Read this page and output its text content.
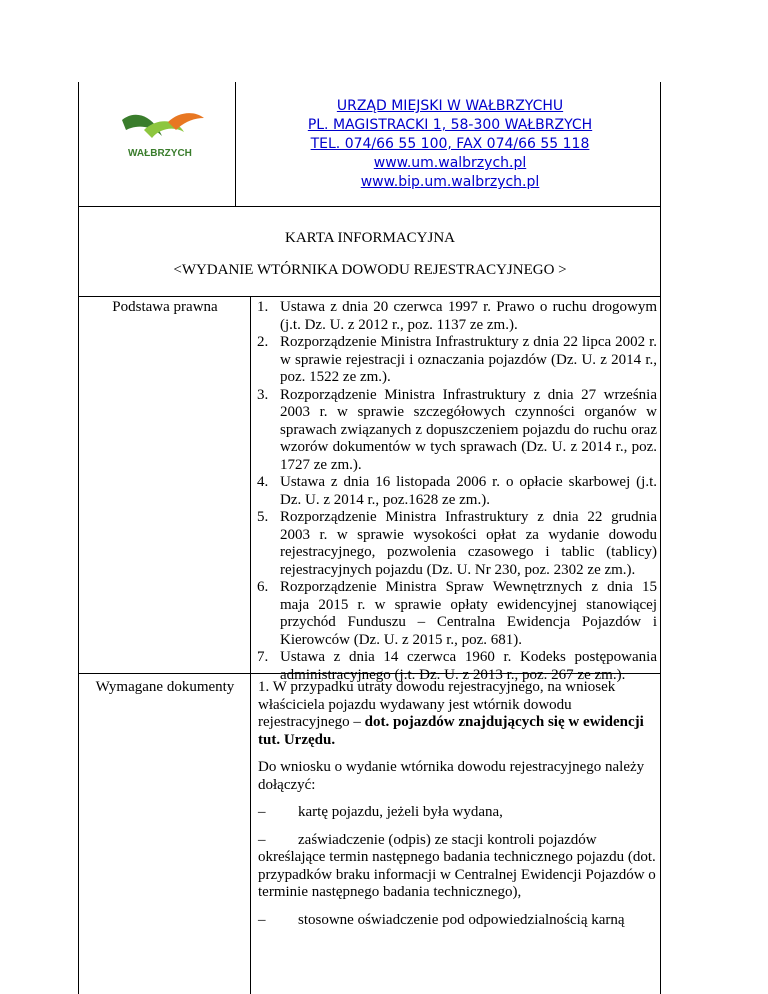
WAŁBRZYCH
URZĄD MIEJSKI W WAŁBRZYCHU
PL. MAGISTRACKI 1, 58-300 WAŁBRZYCH
TEL. 074/66 55 100, FAX 074/66 55 118
www.um.walbrzych.pl
www.bip.um.walbrzych.pl
KARTA INFORMACYJNA
<WYDANIE WTÓRNIKA DOWODU REJESTRACYJNEGO >
Podstawa prawna	1. Ustawa z dnia 20 czerwca 1997 r. Prawo o ruchu drogowym (j.t. Dz. U. z 2012 r., poz. 1137 ze zm.).
2. Rozporządzenie Ministra Infrastruktury z dnia 22 lipca 2002 r. w sprawie rejestracji i oznaczania pojazdów (Dz. U. z 2014 r., poz. 1522 ze zm.).
3. Rozporządzenie Ministra Infrastruktury z dnia 27 września 2003 r. w sprawie szczegółowych czynności organów w sprawach związanych z dopuszczeniem pojazdu do ruchu oraz wzorów dokumentów w tych sprawach (Dz. U. z 2014 r., poz. 1727 ze zm.).
4. Ustawa z dnia 16 listopada 2006 r. o opłacie skarbowej (j.t. Dz. U. z 2014 r., poz.1628 ze zm.).
5. Rozporządzenie Ministra Infrastruktury z dnia 22 grudnia 2003 r. w sprawie wysokości opłat za wydanie dowodu rejestracyjnego, pozwolenia czasowego i tablic (tablicy) rejestracyjnych pojazdu (Dz. U. Nr 230, poz. 2302 ze zm.).
6. Rozporządzenie Ministra Spraw Wewnętrznych z dnia 15 maja 2015 r. w sprawie opłaty ewidencyjnej stanowiącej przychód Funduszu – Centralna Ewidencja Pojazdów i Kierowców (Dz. U. z 2015 r., poz. 681).
7. Ustawa z dnia 14 czerwca 1960 r. Kodeks postępowania administracyjnego (j.t. Dz. U. z 2013 r., poz. 267 ze zm.).
Wymagane dokumenty	1. W przypadku utraty dowodu rejestracyjnego, na wniosek właściciela pojazdu wydawany jest wtórnik dowodu rejestracyjnego – dot. pojazdów znajdujących się w ewidencji tut. Urzędu.

Do wniosku o wydanie wtórnika dowodu rejestracyjnego należy dołączyć:

– kartę pojazdu, jeżeli była wydana,
– zaświadczenie (odpis) ze stacji kontroli pojazdów określające termin następnego badania technicznego pojazdu (dot. przypadków braku informacji w Centralnej Ewidencji Pojazdów o terminie następnego badania technicznego),
– stosowne oświadczenie pod odpowiedzialnością karną
